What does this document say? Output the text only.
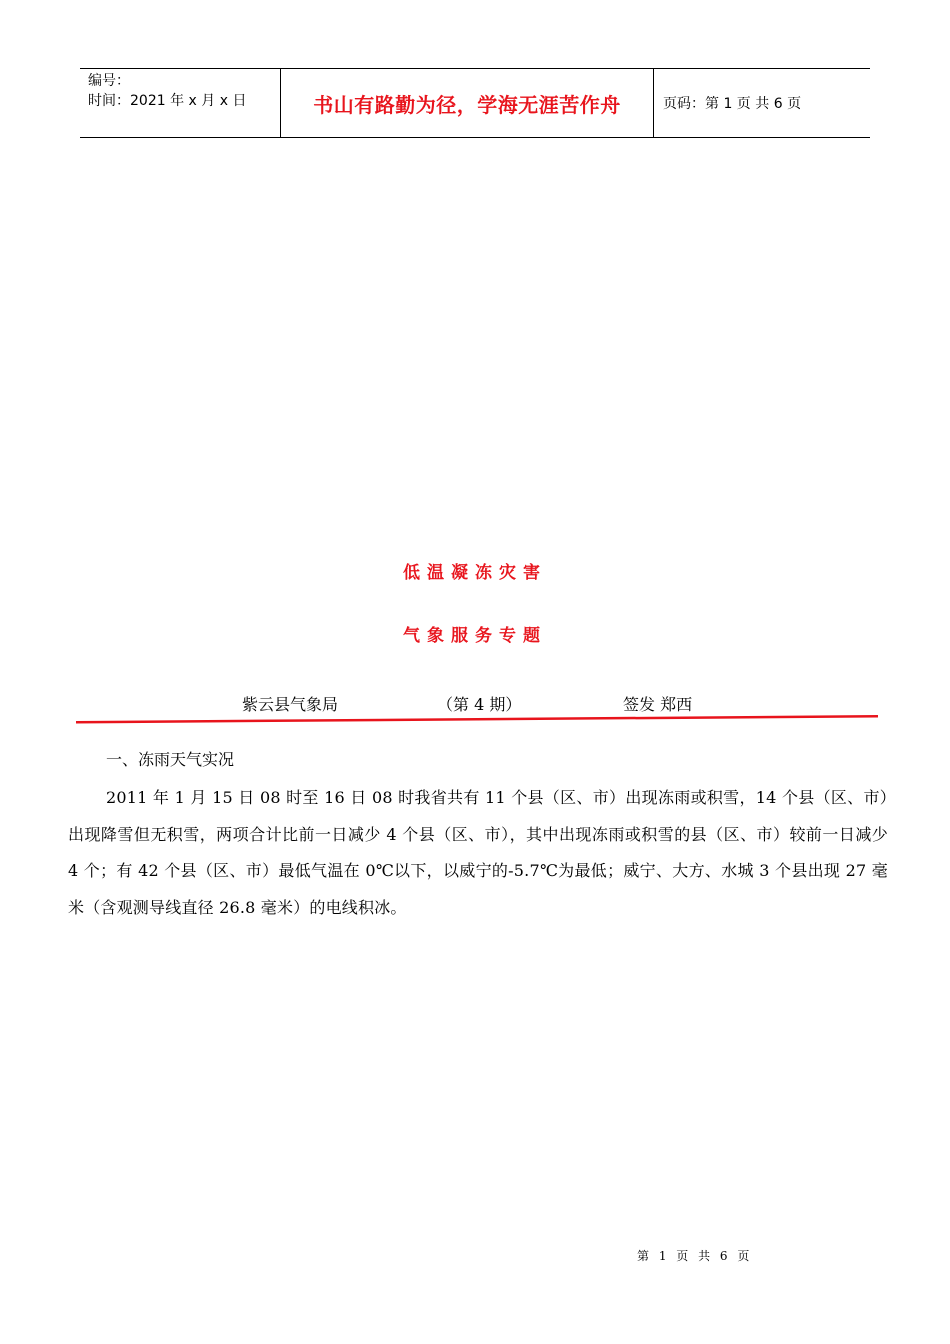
编号：
时间：2021 年 x 月 x 日	书山有路勤为径，学海无涯苦作舟	页码：第 1 页 共 6 页
低温凝冻灾害
气象服务专题
紫云县气象局	（第 4 期）	签发 郑西
一、冻雨天气实况
2011 年 1 月 15 日 08 时至 16 日 08 时我省共有 11 个县（区、市）出现冻雨或积雪，14 个县（区、市）出现降雪但无积雪，两项合计比前一日减少 4 个县（区、市），其中出现冻雨或积雪的县（区、市）较前一日减少 4 个；有 42 个县（区、市）最低气温在 0℃以下，以威宁的-5.7℃为最低；威宁、大方、水城 3 个县出现 27 毫米（含观测导线直径 26.8 毫米）的电线积冰。
第 1 页 共 6 页
